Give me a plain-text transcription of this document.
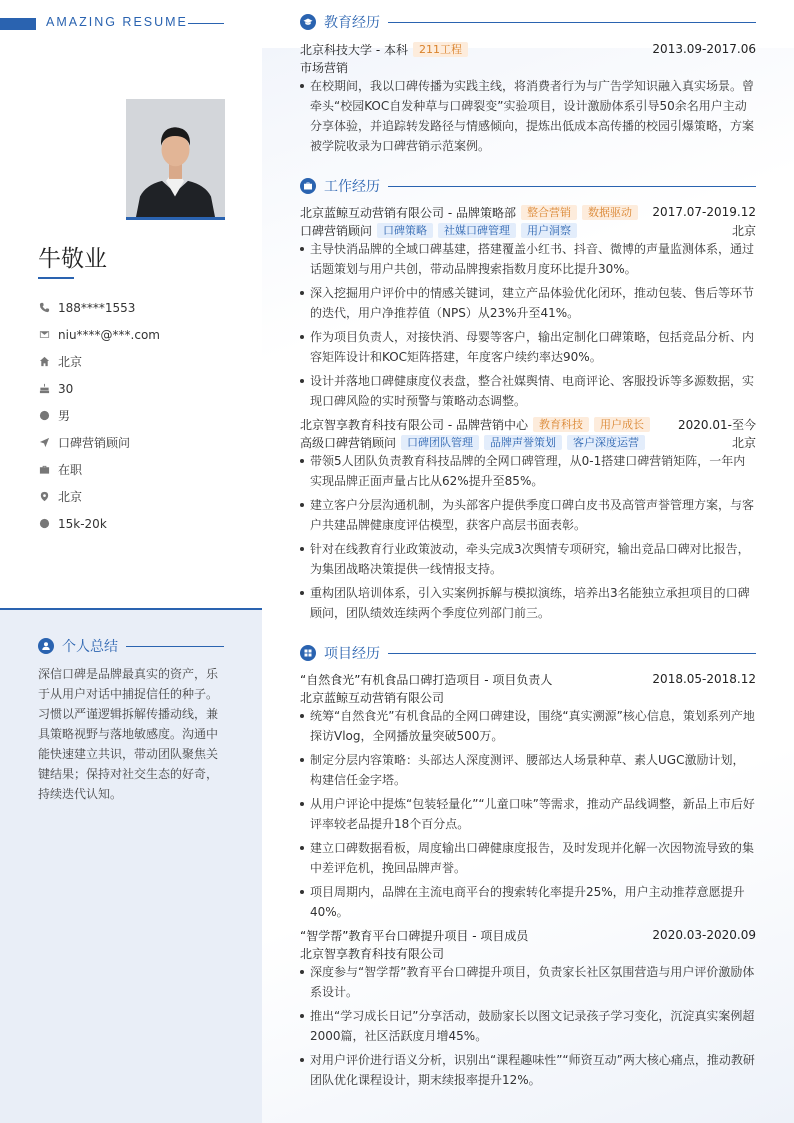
AMAZING RESUME
牛敬业
188****1553
niu****@***.com
北京
30
男
口碑营销顾问
在职
北京
15k-20k
个人总结
深信口碑是品牌最真实的资产，乐于从用户对话中捕捉信任的种子。习惯以严谨逻辑拆解传播动线，兼具策略视野与落地敏感度。沟通中能快速建立共识，带动团队聚焦关键结果；保持对社交生态的好奇，持续迭代认知。
教育经历
北京科技大学 - 本科	211工程	2013.09-2017.06
市场营销
在校期间，我以口碑传播为实践主线，将消费者行为与广告学知识融入真实场景。曾牵头“校园KOC自发种草与口碑裂变”实验项目，设计激励体系引导50余名用户主动分享体验，并追踪转发路径与情感倾向，提炼出低成本高传播的校园引爆策略，方案被学院收录为口碑营销示范案例。
工作经历
北京蓝鲸互动营销有限公司 - 品牌策略部	整合营销	数据驱动	2017.07-2019.12
口碑营销顾问	口碑策略	社媒口碑管理	用户洞察	北京
主导快消品牌的全域口碑基建，搭建覆盖小红书、抖音、微博的声量监测体系，通过话题策划与用户共创，带动品牌搜索指数月度环比提升30%。
深入挖掘用户评价中的情感关键词，建立产品体验优化闭环，推动包装、售后等环节的迭代，用户净推荐值（NPS）从23%升至41%。
作为项目负责人，对接快消、母婴等客户，输出定制化口碑策略，包括竞品分析、内容矩阵设计和KOC矩阵搭建，年度客户续约率达90%。
设计并落地口碑健康度仪表盘，整合社媒舆情、电商评论、客服投诉等多源数据，实现口碑风险的实时预警与策略动态调整。
北京智享教育科技有限公司 - 品牌营销中心	教育科技	用户成长	2020.01-至今
高级口碑营销顾问	口碑团队管理	品牌声誉策划	客户深度运营	北京
带领5人团队负责教育科技品牌的全网口碑管理，从0-1搭建口碑营销矩阵，一年内实现品牌正面声量占比从62%提升至85%。
建立客户分层沟通机制，为头部客户提供季度口碑白皮书及高管声誉管理方案，与客户共建品牌健康度评估模型，获客户高层书面表彰。
针对在线教育行业政策波动，牵头完成3次舆情专项研究，输出竞品口碑对比报告，为集团战略决策提供一线情报支持。
重构团队培训体系，引入实案例拆解与模拟演练，培养出3名能独立承担项目的口碑顾问，团队绩效连续两个季度位列部门前三。
项目经历
“自然食光”有机食品口碑打造项目 - 项目负责人	2018.05-2018.12
北京蓝鲸互动营销有限公司
统筹“自然食光”有机食品的全网口碑建设，围绕“真实溯源”核心信息，策划系列产地探访Vlog，全网播放量突破500万。
制定分层内容策略：头部达人深度测评、腰部达人场景种草、素人UGC激励计划，构建信任金字塔。
从用户评论中提炼“包装轻量化”“儿童口味”等需求，推动产品线调整，新品上市后好评率较老品提升18个百分点。
建立口碑数据看板，周度输出口碑健康度报告，及时发现并化解一次因物流导致的集中差评危机，挽回品牌声誉。
项目周期内，品牌在主流电商平台的搜索转化率提升25%，用户主动推荐意愿提升40%。
“智学帮”教育平台口碑提升项目 - 项目成员	2020.03-2020.09
北京智享教育科技有限公司
深度参与“智学帮”教育平台口碑提升项目，负责家长社区氛围营造与用户评价激励体系设计。
推出“学习成长日记”分享活动，鼓励家长以图文记录孩子学习变化，沉淀真实案例超2000篇，社区活跃度月增45%。
对用户评价进行语义分析，识别出“课程趣味性”“师资互动”两大核心痛点，推动教研团队优化课程设计，期末续报率提升12%。
